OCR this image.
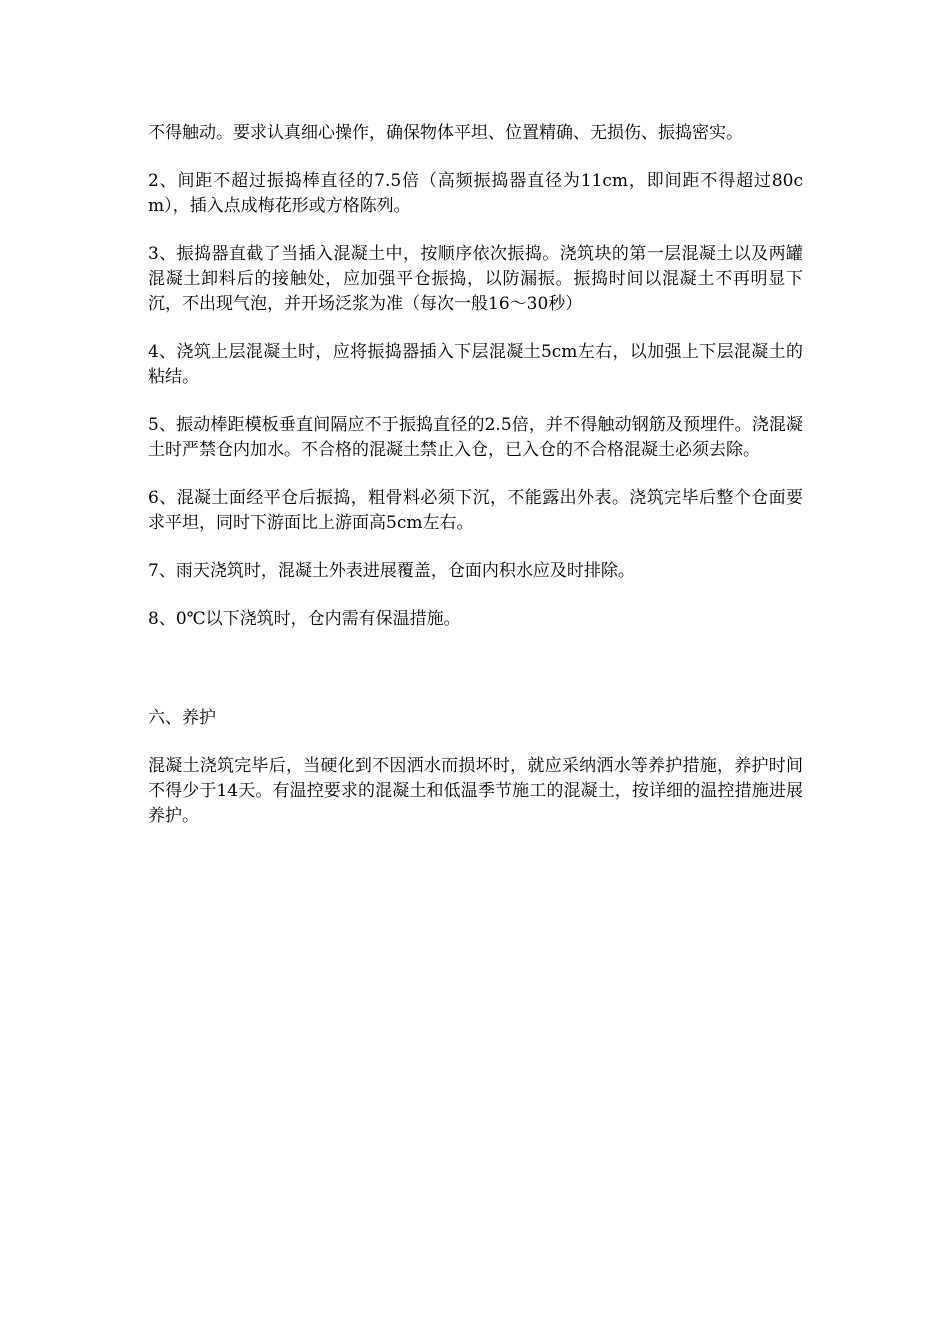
不得触动。要求认真细心操作，确保物体平坦、位置精确、无损伤、振捣密实。

2、间距不超过振捣棒直径的7.5倍（高频振捣器直径为11cm，即间距不得超过80cm），插入点成梅花形或方格陈列。

3、振捣器直截了当插入混凝土中，按顺序依次振捣。浇筑块的第一层混凝土以及两罐混凝土卸料后的接触处，应加强平仓振捣，以防漏振。振捣时间以混凝土不再明显下沉，不出现气泡，并开场泛浆为准（每次一般16～30秒）

4、浇筑上层混凝土时，应将振捣器插入下层混凝土5cm左右，以加强上下层混凝土的粘结。

5、振动棒距模板垂直间隔应不于振捣直径的2.5倍，并不得触动钢筋及预埋件。浇混凝土时严禁仓内加水。不合格的混凝土禁止入仓，已入仓的不合格混凝土必须去除。

6、混凝土面经平仓后振捣，粗骨料必须下沉，不能露出外表。浇筑完毕后整个仓面要求平坦，同时下游面比上游面高5cm左右。

7、雨天浇筑时，混凝土外表进展覆盖，仓面内积水应及时排除。

8、0℃以下浇筑时，仓内需有保温措施。

六、养护

混凝土浇筑完毕后，当硬化到不因洒水而损坏时，就应采纳洒水等养护措施，养护时间不得少于14天。有温控要求的混凝土和低温季节施工的混凝土，按详细的温控措施进展养护。
